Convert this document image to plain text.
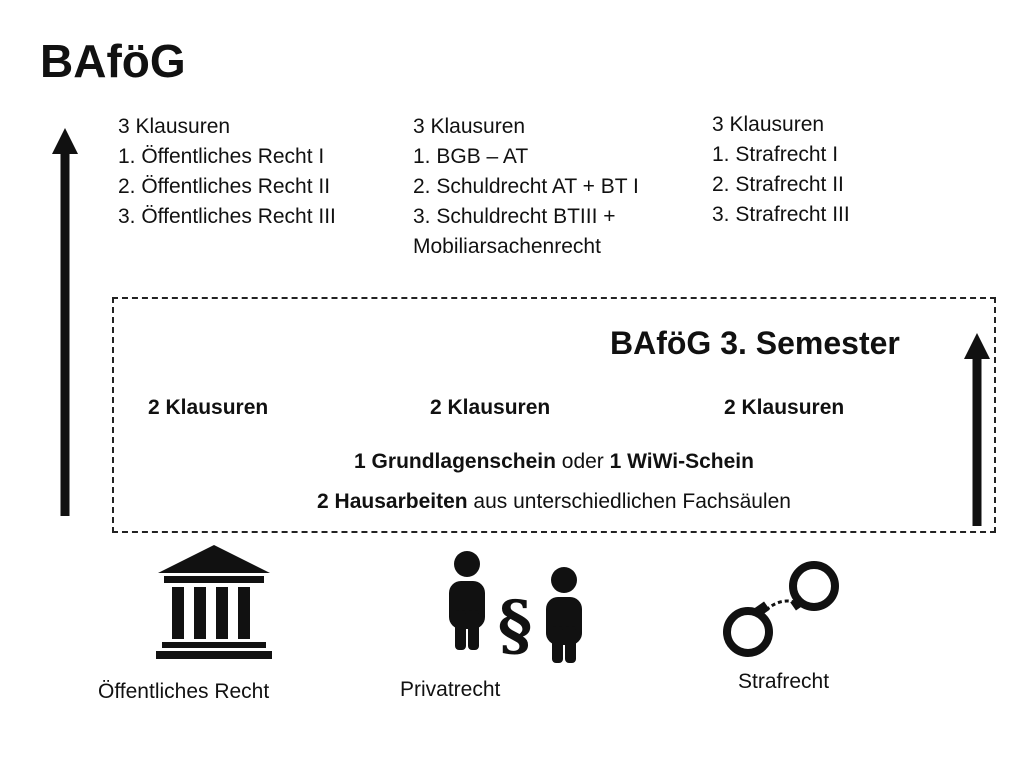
BAföG
3 Klausuren
1. Öffentliches Recht I
2. Öffentliches Recht II
3. Öffentliches Recht III
3 Klausuren
1. BGB – AT
2. Schuldrecht AT + BT I
3. Schuldrecht BTIII +
Mobiliarsachenrecht
3 Klausuren
1. Strafrecht I
2. Strafrecht II
3. Strafrecht III
BAföG 3. Semester
2 Klausuren	2 Klausuren	2 Klausuren
1 Grundlagenschein oder 1 WiWi-Schein
2 Hausarbeiten aus unterschiedlichen Fachsäulen
§
Öffentliches Recht	Privatrecht	Strafrecht
